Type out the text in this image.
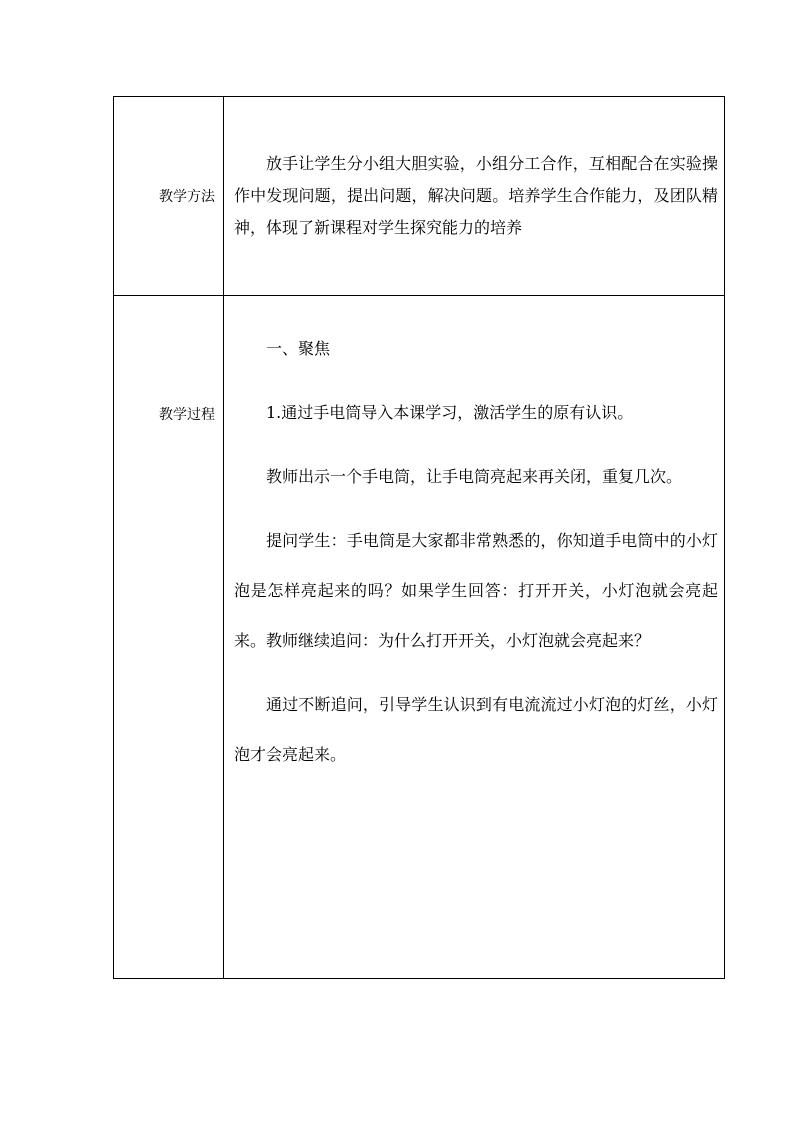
教学方法	放手让学生分小组大胆实验，小组分工合作，互相配合在实验操作中发现问题，提出问题，解决问题。培养学生合作能力，及团队精神，体现了新课程对学生探究能力的培养

教学过程	一、聚焦

1.通过手电筒导入本课学习，激活学生的原有认识。

教师出示一个手电筒，让手电筒亮起来再关闭，重复几次。

提问学生：手电筒是大家都非常熟悉的，你知道手电筒中的小灯泡是怎样亮起来的吗？如果学生回答：打开开关，小灯泡就会亮起来。教师继续追问：为什么打开开关，小灯泡就会亮起来？

通过不断追问，引导学生认识到有电流流过小灯泡的灯丝，小灯泡才会亮起来。
